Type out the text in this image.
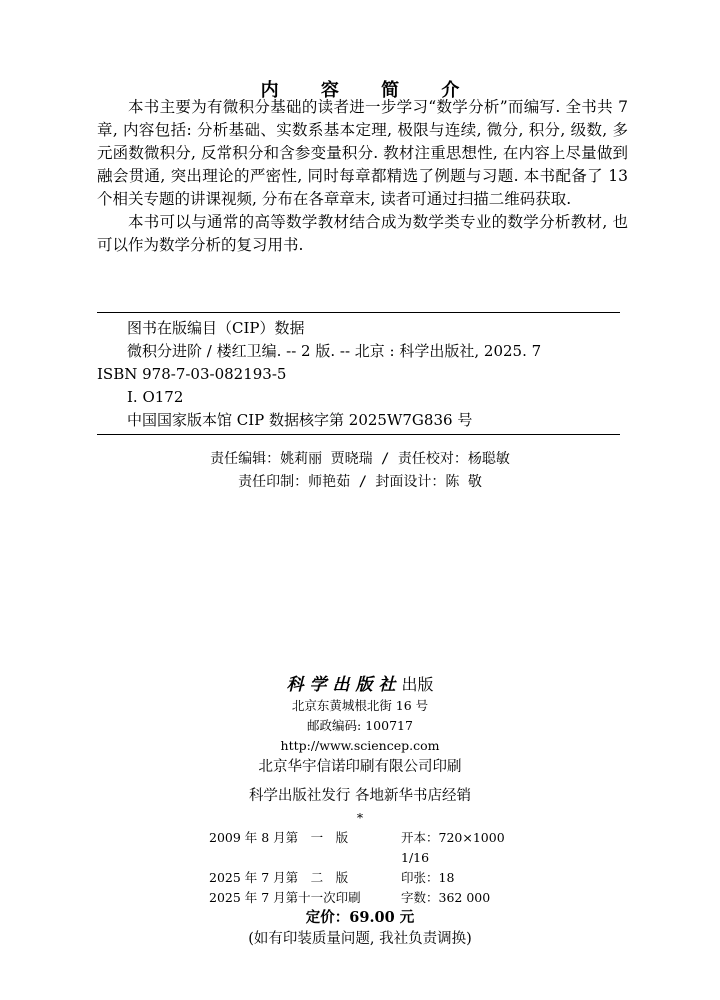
内 容 简 介

本书主要为有微积分基础的读者进一步学习“数学分析”而编写. 全书共 7 章, 内容包括: 分析基础、实数系基本定理, 极限与连续, 微分, 积分, 级数, 多元函数微积分, 反常积分和含参变量积分. 教材注重思想性, 在内容上尽量做到融会贯通, 突出理论的严密性, 同时每章都精选了例题与习题. 本书配备了 13 个相关专题的讲课视频, 分布在各章章末, 读者可通过扫描二维码获取.

本书可以与通常的高等数学教材结合成为数学类专业的数学分析教材, 也可以作为数学分析的复习用书.

图书在版编目（CIP）数据
微积分进阶 / 楼红卫编. -- 2 版. -- 北京 : 科学出版社, 2025. 7
ISBN 978-7-03-082193-5
I. O172
中国国家版本馆 CIP 数据核字第 2025W7G836 号
责任编辑：姚莉丽 贾晓瑞 / 责任校对：杨聪敏
责任印制：师艳茹 / 封面设计：陈 敬
科学出版社出版
北京东黄城根北街 16 号
邮政编码: 100717
http://www.sciencep.com
北京华宇信诺印刷有限公司印刷
科学出版社发行 各地新华书店经销
*
2009 年 8 月第　一　版	开本：720×1000 1/16
2025 年 7 月第　二　版	印张：18
2025 年 7 月第十一次印刷	字数：362 000
定价：69.00 元
(如有印装质量问题, 我社负责调换)
